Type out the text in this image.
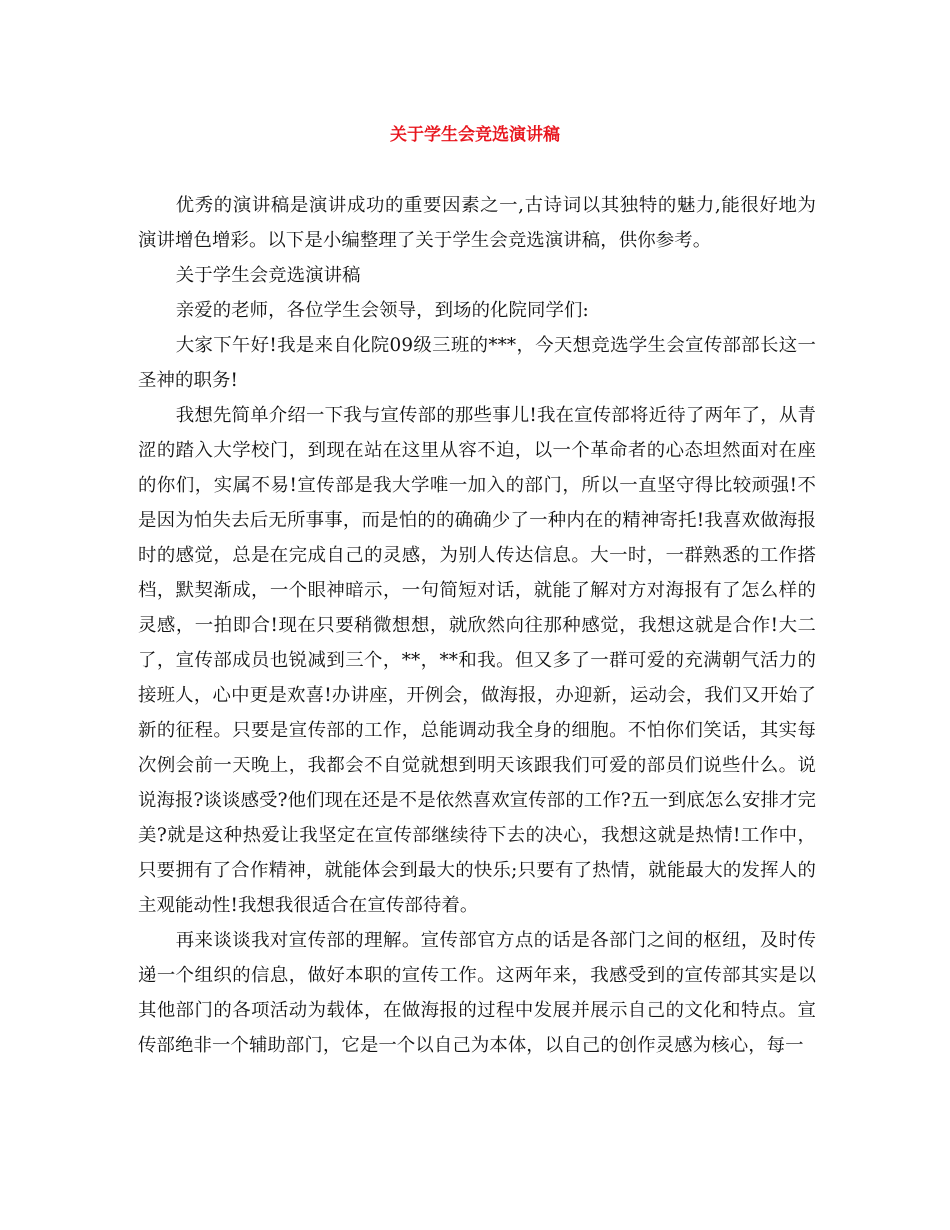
关于学生会竞选演讲稿

优秀的演讲稿是演讲成功的重要因素之一,古诗词以其独特的魅力,能很好地为演讲增色增彩。以下是小编整理了关于学生会竞选演讲稿，供你参考。

关于学生会竞选演讲稿

亲爱的老师，各位学生会领导，到场的化院同学们:

大家下午好!我是来自化院09级三班的***，今天想竞选学生会宣传部部长这一圣神的职务!

我想先简单介绍一下我与宣传部的那些事儿!我在宣传部将近待了两年了，从青涩的踏入大学校门，到现在站在这里从容不迫，以一个革命者的心态坦然面对在座的你们，实属不易!宣传部是我大学唯一加入的部门，所以一直坚守得比较顽强!不是因为怕失去后无所事事，而是怕的的确确少了一种内在的精神寄托!我喜欢做海报时的感觉，总是在完成自己的灵感，为别人传达信息。大一时，一群熟悉的工作搭档，默契渐成，一个眼神暗示，一句简短对话，就能了解对方对海报有了怎么样的灵感，一拍即合!现在只要稍微想想，就欣然向往那种感觉，我想这就是合作!大二了，宣传部成员也锐减到三个，**，**和我。但又多了一群可爱的充满朝气活力的接班人，心中更是欢喜!办讲座，开例会，做海报，办迎新，运动会，我们又开始了新的征程。只要是宣传部的工作，总能调动我全身的细胞。不怕你们笑话，其实每次例会前一天晚上，我都会不自觉就想到明天该跟我们可爱的部员们说些什么。说说海报?谈谈感受?他们现在还是不是依然喜欢宣传部的工作?五一到底怎么安排才完美?就是这种热爱让我坚定在宣传部继续待下去的决心，我想这就是热情!工作中，只要拥有了合作精神，就能体会到最大的快乐;只要有了热情，就能最大的发挥人的主观能动性!我想我很适合在宣传部待着。

再来谈谈我对宣传部的理解。宣传部官方点的话是各部门之间的枢纽，及时传递一个组织的信息，做好本职的宣传工作。这两年来，我感受到的宣传部其实是以其他部门的各项活动为载体，在做海报的过程中发展并展示自己的文化和特点。宣传部绝非一个辅助部门，它是一个以自己为本体，以自己的创作灵感为核心，每一
